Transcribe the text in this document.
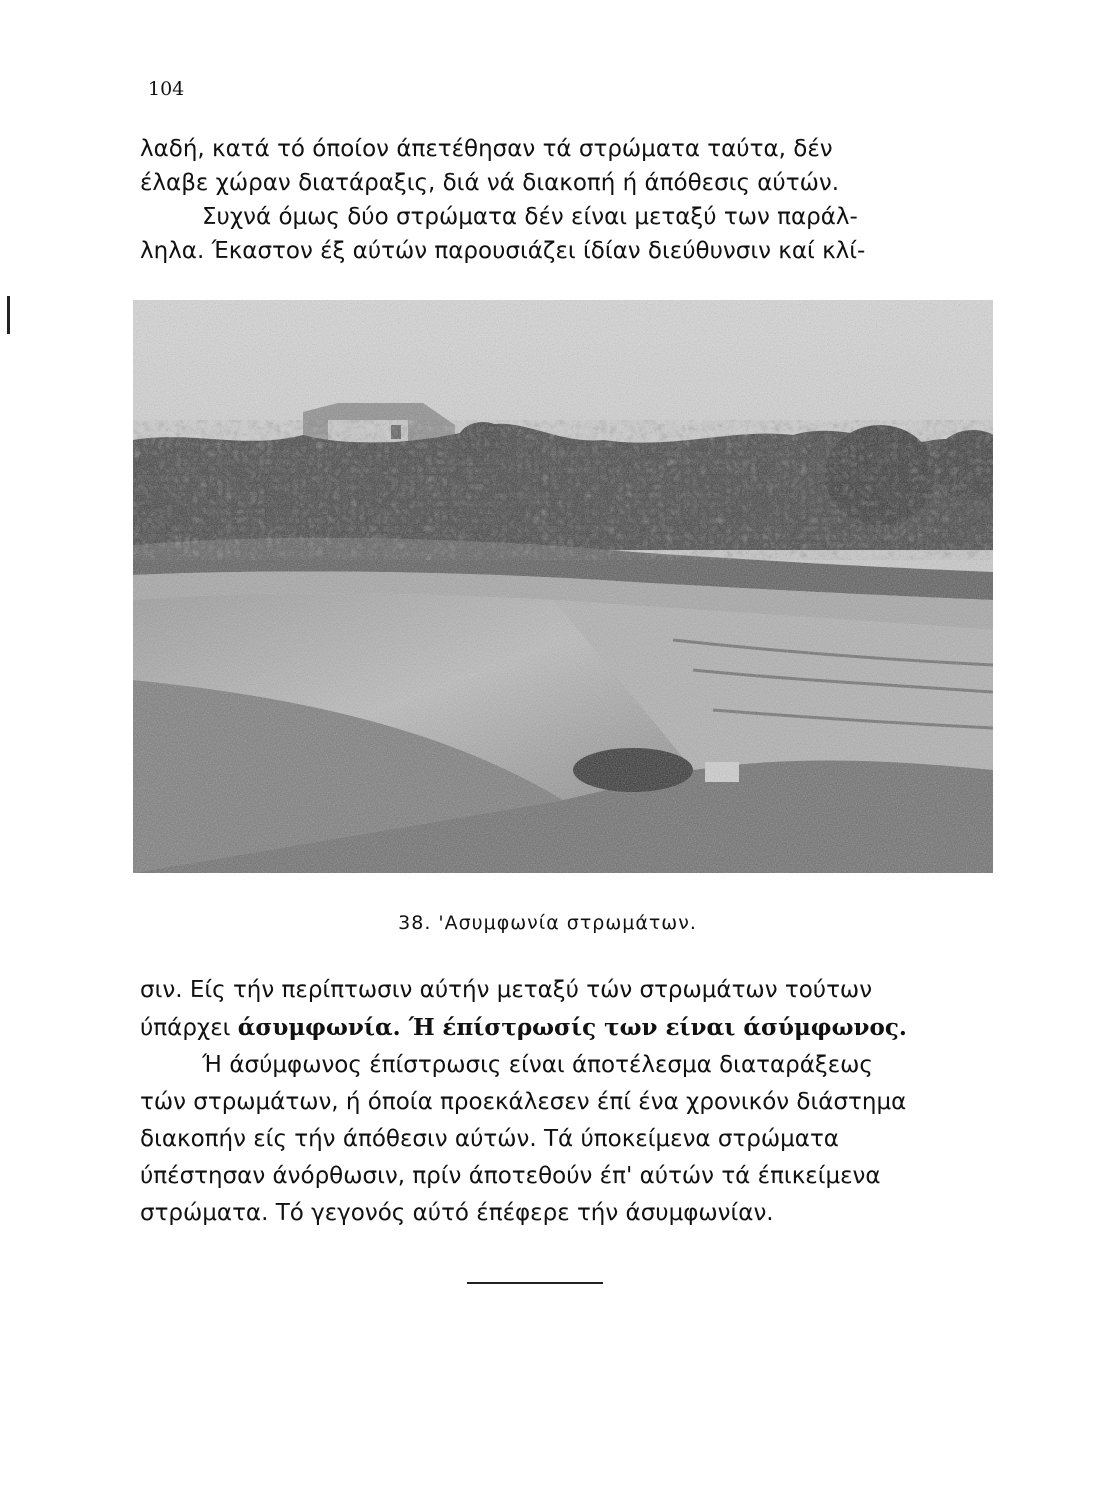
104

λαδή, κατά τό όποίον άπετέθησαν τά στρώματα ταύτα, δέν

έλαβε χώραν διατάραξις, διά νά διακοπή ή άπόθεσις αύτών.

Συχνά όμως δύο στρώματα δέν είναι μεταξύ των παράλ-

ληλα. Έκαστον έξ αύτών παρουσιάζει ίδίαν διεύθυνσιν καί κλί-

38. 'Ασυμφωνία στρωμάτων.

σιν. Είς τήν περίπτωσιν αύτήν μεταξύ τών στρωμάτων τούτων

ύπάρχει άσυμφωνία. Ή έπίστρωσίς των είναι άσύμφωνος.

Ή άσύμφωνος έπίστρωσις είναι άποτέλεσμα διαταράξεως

τών στρωμάτων, ή όποία προεκάλεσεν έπί ένα χρονικόν διάστημα

διακοπήν είς τήν άπόθεσιν αύτών. Τά ύποκείμενα στρώματα

ύπέστησαν άνόρθωσιν, πρίν άποτεθούν έπ' αύτών τά έπικείμενα

στρώματα. Τό γεγονός αύτό έπέφερε τήν άσυμφωνίαν.
